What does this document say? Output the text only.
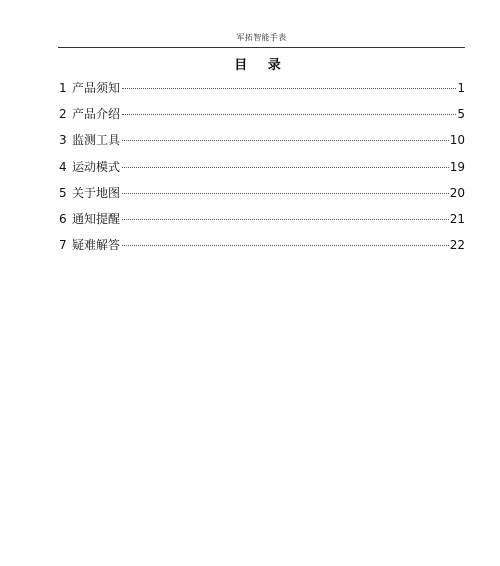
军拓智能手表
目 录
1 产品须知	1
2 产品介绍	5
3 监测工具	10
4 运动模式	19
5 关于地图	20
6 通知提醒	21
7 疑难解答	22
